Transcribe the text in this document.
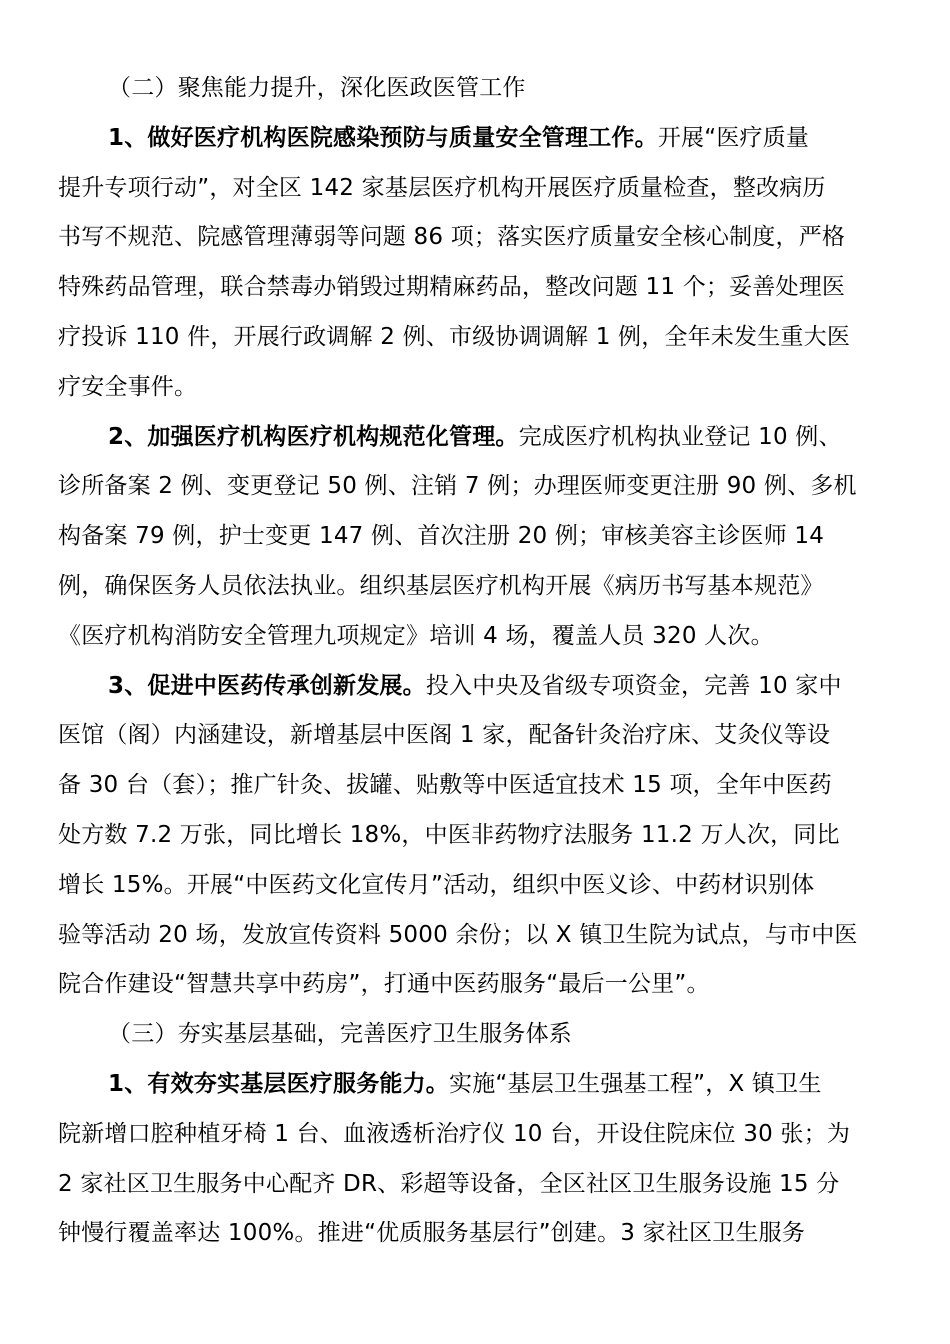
（二）聚焦能力提升，深化医政医管工作
1、做好医疗机构医院感染预防与质量安全管理工作。开展“医疗质量
提升专项行动”，对全区 142 家基层医疗机构开展医疗质量检查，整改病历
书写不规范、院感管理薄弱等问题 86 项；落实医疗质量安全核心制度，严格
特殊药品管理，联合禁毒办销毁过期精麻药品，整改问题 11 个；妥善处理医
疗投诉 110 件，开展行政调解 2 例、市级协调调解 1 例，全年未发生重大医
疗安全事件。
2、加强医疗机构医疗机构规范化管理。完成医疗机构执业登记 10 例、
诊所备案 2 例、变更登记 50 例、注销 7 例；办理医师变更注册 90 例、多机
构备案 79 例，护士变更 147 例、首次注册 20 例；审核美容主诊医师 14
例，确保医务人员依法执业。组织基层医疗机构开展《病历书写基本规范》
《医疗机构消防安全管理九项规定》培训 4 场，覆盖人员 320 人次。
3、促进中医药传承创新发展。投入中央及省级专项资金，完善 10 家中
医馆（阁）内涵建设，新增基层中医阁 1 家，配备针灸治疗床、艾灸仪等设
备 30 台（套）；推广针灸、拔罐、贴敷等中医适宜技术 15 项，全年中医药
处方数 7.2 万张，同比增长 18%，中医非药物疗法服务 11.2 万人次，同比
增长 15%。开展“中医药文化宣传月”活动，组织中医义诊、中药材识别体
验等活动 20 场，发放宣传资料 5000 余份；以 X 镇卫生院为试点，与市中医
院合作建设“智慧共享中药房”，打通中医药服务“最后一公里”。
（三）夯实基层基础，完善医疗卫生服务体系
1、有效夯实基层医疗服务能力。实施“基层卫生强基工程”，X 镇卫生
院新增口腔种植牙椅 1 台、血液透析治疗仪 10 台，开设住院床位 30 张；为
2 家社区卫生服务中心配齐 DR、彩超等设备，全区社区卫生服务设施 15 分
钟慢行覆盖率达 100%。推进“优质服务基层行”创建。3 家社区卫生服务
